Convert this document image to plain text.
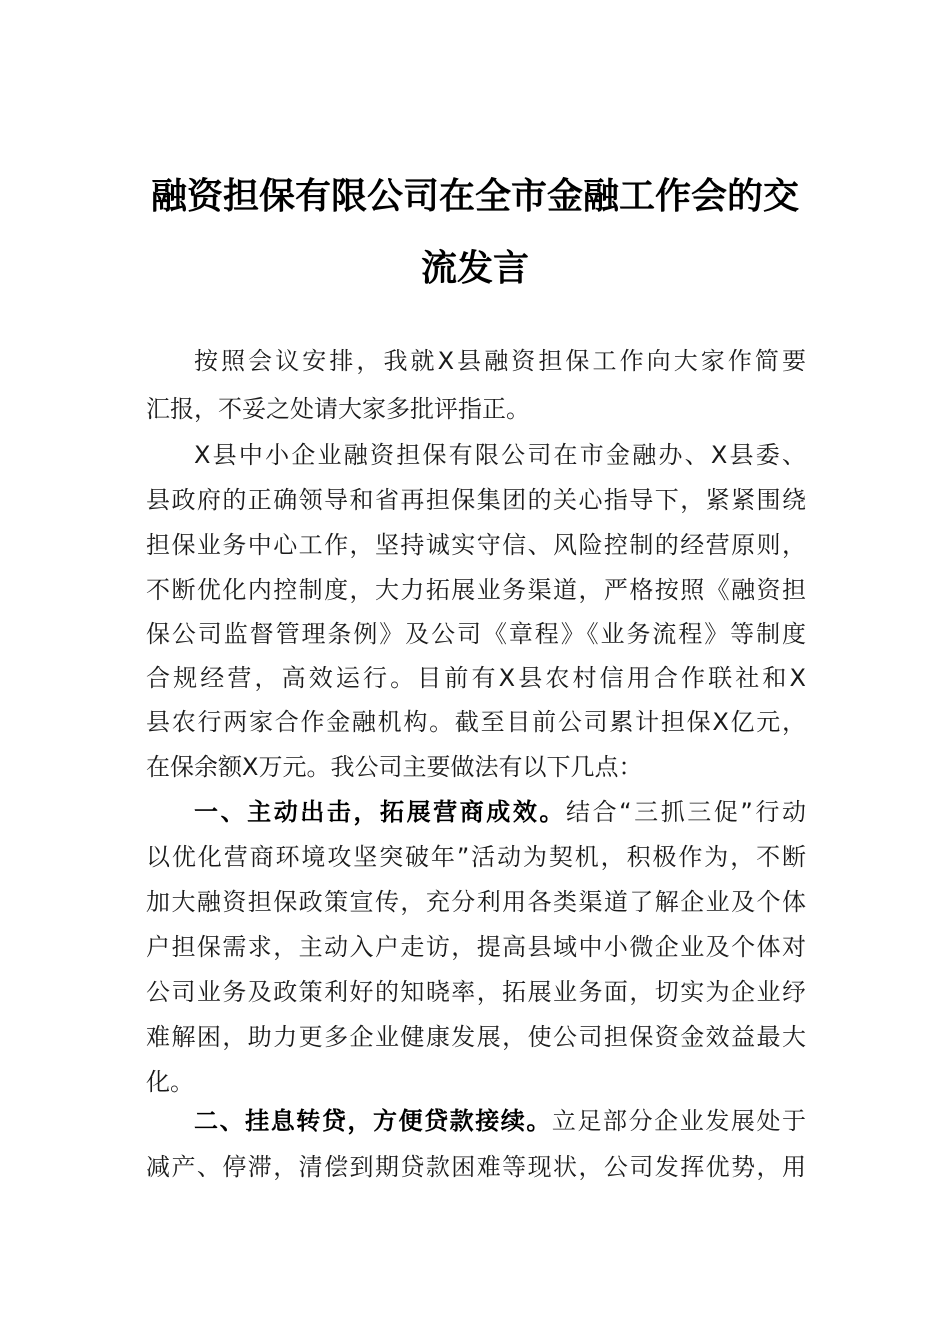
融资担保有限公司在全市金融工作会的交
流发言
按照会议安排，我就X县融资担保工作向大家作简要
汇报，不妥之处请大家多批评指正。
X县中小企业融资担保有限公司在市金融办、X县委、
县政府的正确领导和省再担保集团的关心指导下，紧紧围绕
担保业务中心工作，坚持诚实守信、风险控制的经营原则，
不断优化内控制度，大力拓展业务渠道，严格按照《融资担
保公司监督管理条例》及公司《章程》《业务流程》等制度
合规经营，高效运行。目前有X县农村信用合作联社和X
县农行两家合作金融机构。截至目前公司累计担保X亿元，
在保余额X万元。我公司主要做法有以下几点：
一、主动出击，拓展营商成效。结合“三抓三促”行动
以优化营商环境攻坚突破年”活动为契机，积极作为，不断
加大融资担保政策宣传，充分利用各类渠道了解企业及个体
户担保需求，主动入户走访，提高县域中小微企业及个体对
公司业务及政策利好的知晓率，拓展业务面，切实为企业纾
难解困，助力更多企业健康发展，使公司担保资金效益最大
化。
二、挂息转贷，方便贷款接续。立足部分企业发展处于
减产、停滞，清偿到期贷款困难等现状，公司发挥优势，用
